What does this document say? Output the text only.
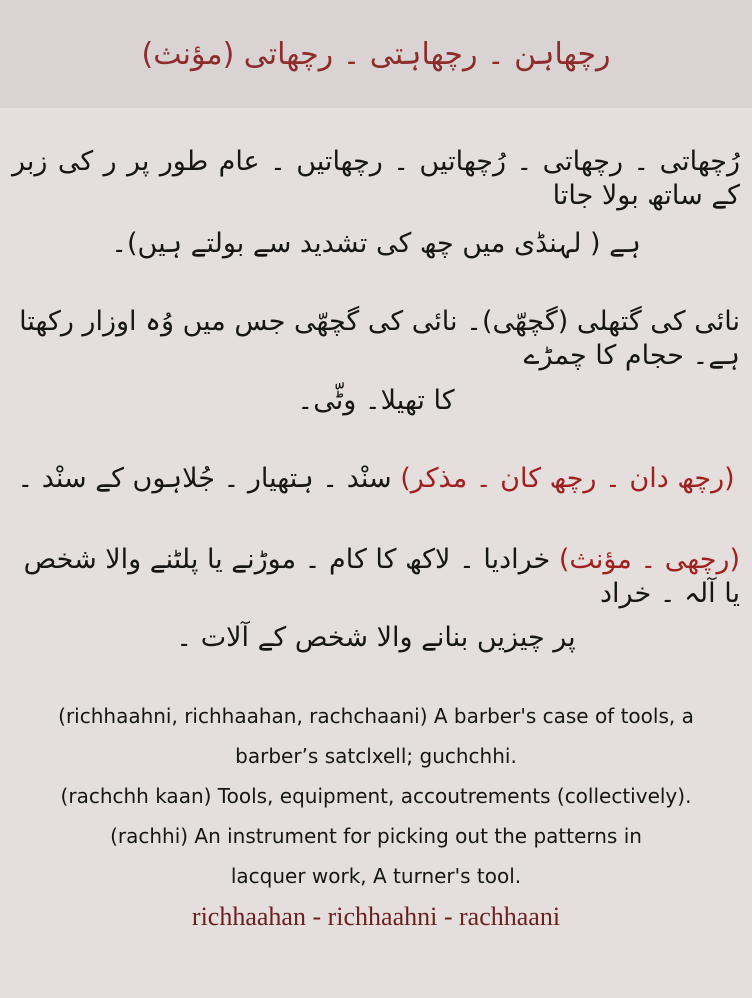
رچھاہن ۔ رچھاہتی ۔ رچھاتی (مؤنث)
رُچھاتی ۔ رچھاتی ۔ رُچھاتیں ۔ رچھاتیں ۔ عام طور پر ر کی زبر کے ساتھ بولا جاتا
ہے ( لہنڈی میں چھ کی تشدید سے بولتے ہیں)۔
نائی کی گتھلی (گچھّی)۔ نائی کی گچھّی جس میں وُہ اوزار رکھتا ہے۔ حجام کا چمڑے
کا تھیلا۔ وٹّی۔
(رچھ دان ۔ رچھ کان ۔ مذکر) سنْد ۔ ہتھیار ۔ جُلاہوں کے سنْد ۔
(رچھی ۔ مؤنث) خرادیا ۔ لاکھ کا کام ۔ موڑنے یا پلٹنے والا شخص یا آلہ ۔ خراد
پر چیزیں بنانے والا شخص کے آلات ۔
(richhaahni, richhaahan, rachchaani) A barber's case of tools, a
barber’s satclxell; guchchhi.
(rachchh kaan) Tools, equipment, accoutrements (collectively).
(rachhi) An instrument for picking out the patterns in
lacquer work, A turner's tool.
richhaahan - richhaahni - rachhaani
